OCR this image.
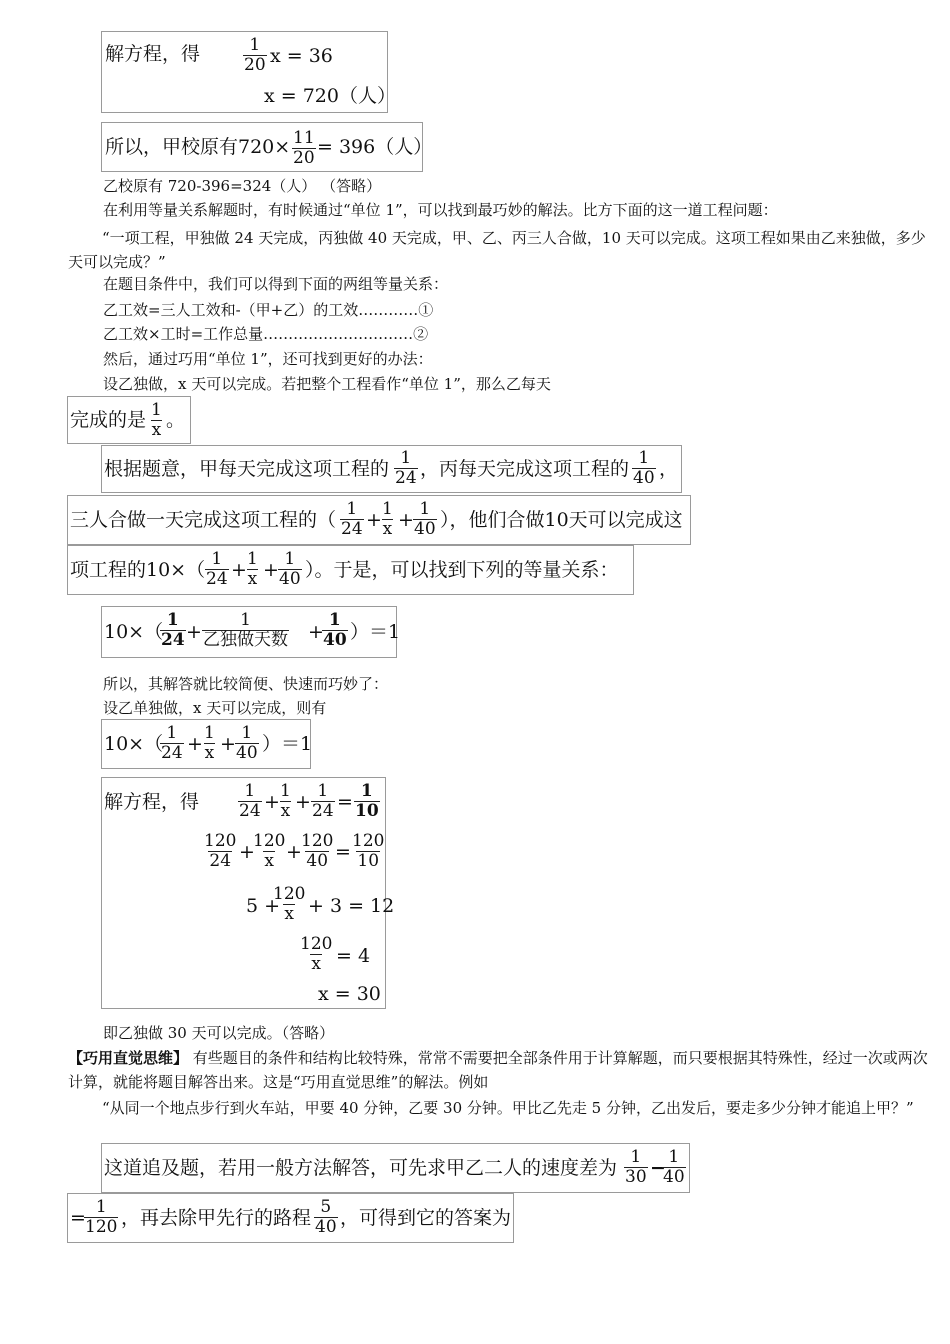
解方程，得	1
20 x = 36
x = 720（人）
所以，甲校原有720× 11
20 = 396（人）
乙校原有 720-396=324（人） （答略）
在利用等量关系解题时，有时候通过“单位 1”，可以找到最巧妙的解法。比方下面的这一道工程问题：
“一项工程，甲独做 24 天完成，丙独做 40 天完成，甲、乙、丙三人合做，10 天可以完成。这项工程如果由乙来独做，多少天可以完成？”
在题目条件中，我们可以得到下面的两组等量关系：
乙工效=三人工效和-（甲+乙）的工效…………①
乙工效×工时=工作总量…………………………②
然后，通过巧用“单位 1”，还可找到更好的办法：
设乙独做，x 天可以完成。若把整个工程看作“单位 1”，那么乙每天
完成的是 1
x 。
根据题意，甲每天完成这项工程的 1
24 ，丙每天完成这项工程的 1
40 ，
三人合做一天完成这项工程的（ 1
24 + 1
x + 1
40 ），他们合做10天可以完成这
项工程的10×（ 1
24 + 1
x + 1
40 ）。于是，可以找到下列的等量关系：
10×（
1
24 +
1
乙独做天数 +
1
40 ）＝1
所以，其解答就比较简便、快速而巧妙了：
设乙单独做，x 天可以完成，则有
10×（ 1
24 + 1
x + 1
40 ）＝1
解方程，得	1
24 + 1
x + 1
24 = 1
10
120
24 +
120
x + 120
40 = 120
10
5 +
120
x + 3 = 12
120
x = 4
x = 30
即乙独做 30 天可以完成。（答略）
【巧用直觉思维】 有些题目的条件和结构比较特殊，常常不需要把全部条件用于计算解题，而只要根据其特殊性，经过一次或两次计算，就能将题目解答出来。这是“巧用直觉思维”的解法。例如
“从同一个地点步行到火车站，甲要 40 分钟，乙要 30 分钟。甲比乙先走 5 分钟，乙出发后，要走多少分钟才能追上甲？”
这道追及题，若用一般方法解答，可先求甲乙二人的速度差为 1
30 − 1
40
= 1
120 ，再去除甲先行的路程 5
40 ，可得到它的答案为
